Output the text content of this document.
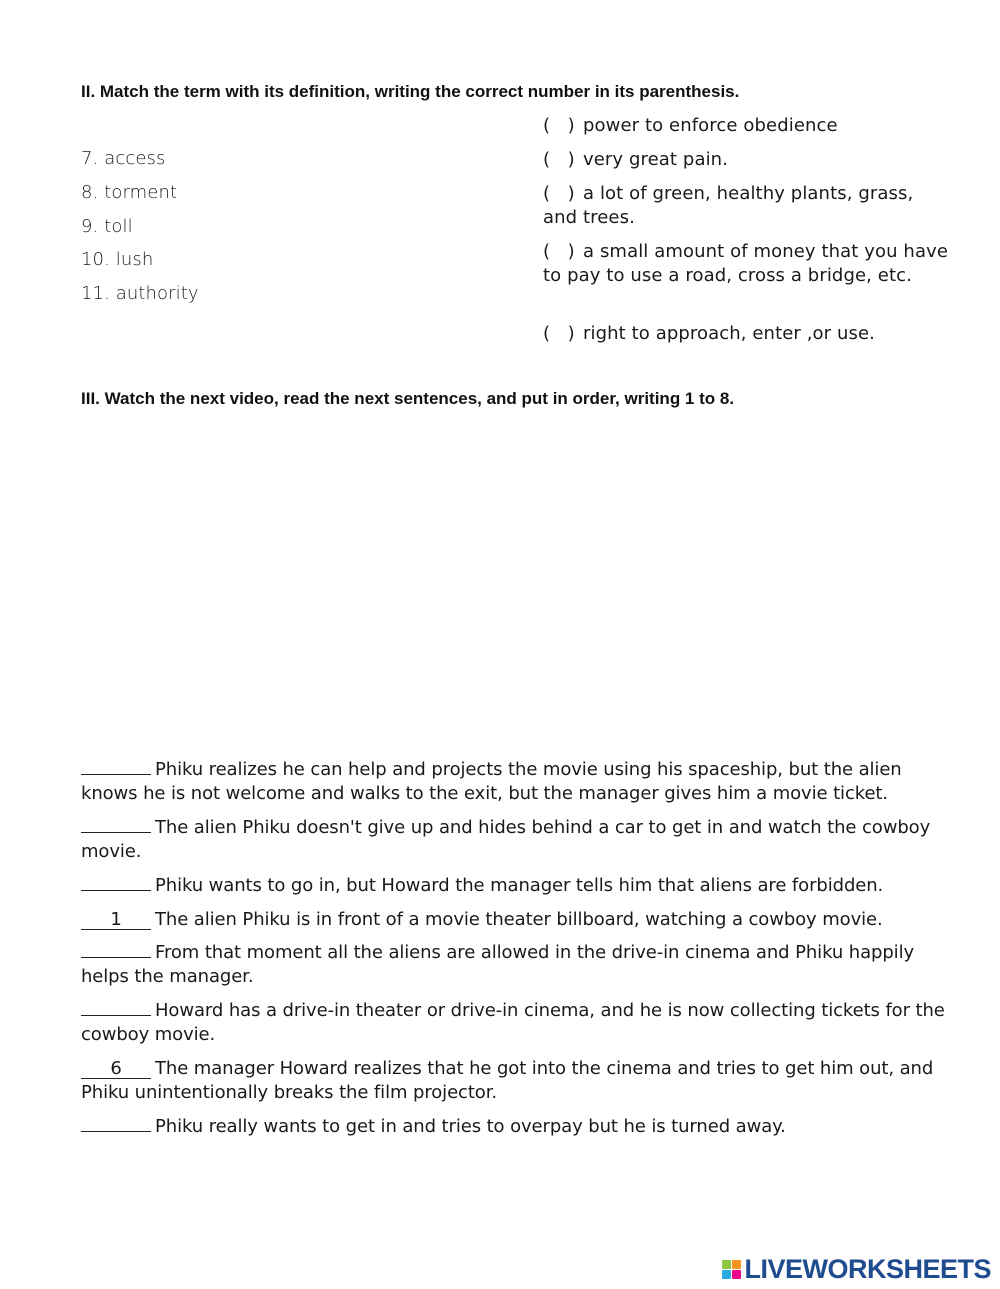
II. Match the term with its definition, writing the correct number in its parenthesis.
7. access
8. torment
9. toll
10. lush
11. authority
( ) power to enforce obedience
( ) very great pain.
( ) a lot of green, healthy plants, grass, and trees.
( ) a small amount of money that you have to pay to use a road, cross a bridge, etc.
( ) right to approach, enter ,or use.
III. Watch the next video, read the next sentences, and put in order, writing 1 to 8.
Phiku realizes he can help and projects the movie using his spaceship, but the alien knows he is not welcome and walks to the exit, but the manager gives him a movie ticket.
The alien Phiku doesn't give up and hides behind a car to get in and watch the cowboy movie.
Phiku wants to go in, but Howard the manager tells him that aliens are forbidden.
1 The alien Phiku is in front of a movie theater billboard, watching a cowboy movie.
From that moment all the aliens are allowed in the drive-in cinema and Phiku happily helps the manager.
Howard has a drive-in theater or drive-in cinema, and he is now collecting tickets for the cowboy movie.
6 The manager Howard realizes that he got into the cinema and tries to get him out, and Phiku unintentionally breaks the film projector.
Phiku really wants to get in and tries to overpay but he is turned away.
LIVEWORKSHEETS
